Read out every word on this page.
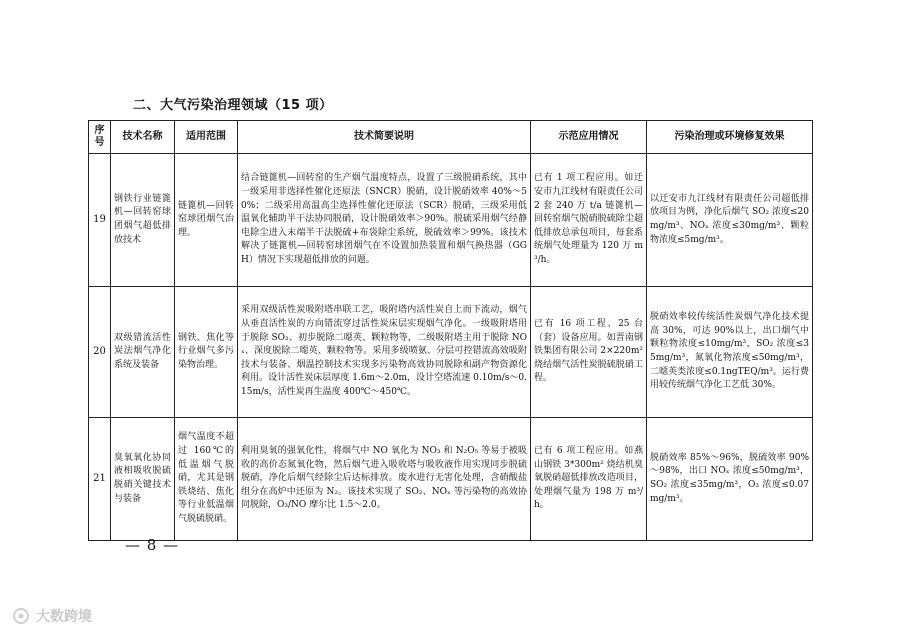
二、大气污染治理领域（15 项）
序号	技术名称	适用范围	技术简要说明	示范应用情况	污染治理或环境修复效果
19	钢铁行业链篦机—回转窑球团烟气超低排放技术	链篦机—回转窑球团烟气治理。	结合链篦机—回转窑的生产烟气温度特点，设置了三级脱硝系统，其中一级采用非选择性催化还原法（SNCR）脱硝，设计脱硝效率 40%～50%；二级采用高温高尘选择性催化还原法（SCR）脱硝，三级采用低温氧化辅助半干法协同脱硝，设计脱硝效率＞90%。脱硫采用烟气经静电除尘进入末端半干法脱硫+布袋除尘系统，脱硫效率＞99%。该技术解决了链篦机—回转窑球团烟气在不设置加热装置和烟气换热器（GGH）情况下实现超低排放的问题。	已有 1 项工程应用。如迁安市九江线材有限责任公司 2 套 240 万 t/a 链篦机—回转窑烟气脱硝脱硫除尘超低排放总承包项目，每套系统烟气处理量为 120 万 m³/h。	以迁安市九江线材有限责任公司超低排放项目为例，净化后烟气 SO₂ 浓度≤20mg/m³、NOₓ 浓度≤30mg/m³、颗粒物浓度≤5mg/m³。
20	双级错流活性炭法烟气净化系统及装备	钢铁、焦化等行业烟气多污染物治理。	采用双级活性炭吸附塔串联工艺，吸附塔内活性炭自上而下流动，烟气从垂直活性炭的方向错流穿过活性炭床层实现烟气净化。一级吸附塔用于脱除 SO₂、初步脱除二噁英、颗粒物等，二级吸附塔主用于脱除 NOₓ、深度脱除二噁英、颗粒物等。采用多级喷氨、分层可控错流高效吸附技术与装备、烟温控制技术实现多污染物高效协同脱除和副产物资源化利用。设计活性炭床层厚度 1.6m～2.0m，设计空塔流速 0.10m/s～0.15m/s，活性炭再生温度 400℃～450℃。	已有 16 项工程、25 台（套）设备应用。如晋南钢铁集团有限公司 2×220m² 烧结烟气活性炭脱硫脱硝工程。	脱硝效率较传统活性炭烟气净化技术提高 30%，可达 90%以上，出口烟气中颗粒物浓度≤10mg/m³，SO₂ 浓度≤35mg/m³，氮氧化物浓度≤50mg/m³，二噁英类浓度≤0.1ngTEQ/m³。运行费用较传统烟气净化工艺低 30%。
21	臭氧氧化协同液相吸收脱硫脱硝关键技术与装备	烟气温度不超过 160℃的低温烟气脱硝，尤其是钢铁烧结、焦化等行业低温烟气脱硫脱硝。	利用臭氧的强氧化性，将烟气中 NO 氧化为 NO₃ 和 N₂O₅ 等易于被吸收的高价态氮氧化物，然后烟气进入吸收塔与吸收液作用实现同步脱硫脱硝，净化后烟气经除尘后达标排放。废水进行无害化处理，含硝酸盐组分在高炉中还原为 N₂。该技术实现了 SO₂、NOₓ 等污染物的高效协同脱除，O₃/NO 摩尔比 1.5～2.0。	已有 6 项工程应用。如燕山钢铁 3*300m² 烧结机臭氧脱硝超低排放改造项目，处理烟气量为 198 万 m³/h。	脱硝效率 85%～96%，脱硫效率 90%～98%，出口 NOₓ 浓度≤50mg/m³，SO₂ 浓度≤35mg/m³，O₃ 浓度≤0.07mg/m³。
— 8 —
大数跨境
